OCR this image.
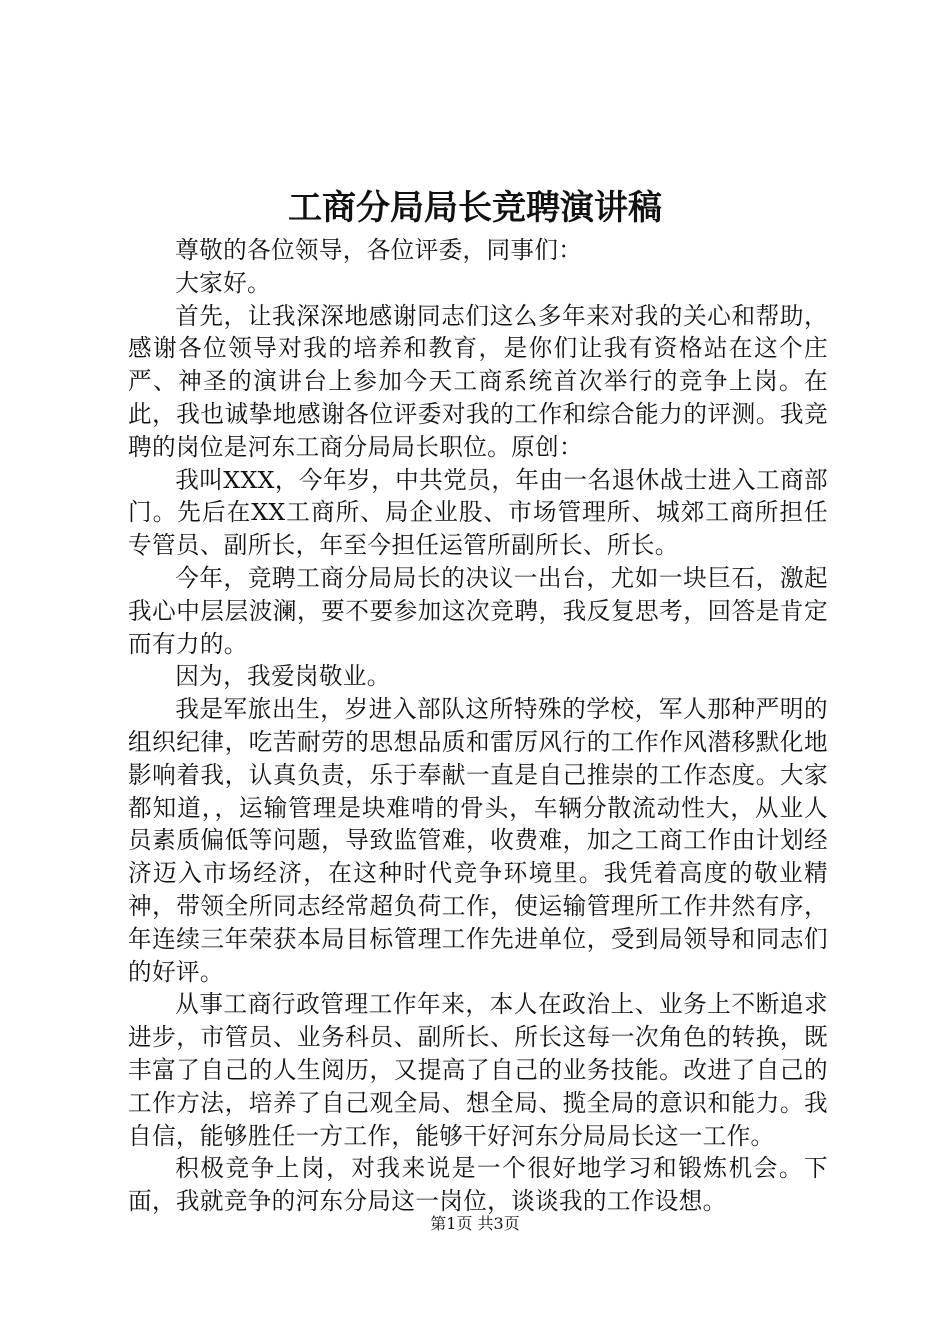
工商分局局长竞聘演讲稿

尊敬的各位领导，各位评委，同事们：

大家好。

首先，让我深深地感谢同志们这么多年来对我的关心和帮助，感谢各位领导对我的培养和教育，是你们让我有资格站在这个庄严、神圣的演讲台上参加今天工商系统首次举行的竞争上岗。在此，我也诚挚地感谢各位评委对我的工作和综合能力的评测。我竞聘的岗位是河东工商分局局长职位。原创：

我叫XXX，今年岁，中共党员，年由一名退休战士进入工商部门。先后在XX工商所、局企业股、市场管理所、城郊工商所担任专管员、副所长，年至今担任运管所副所长、所长。

今年，竞聘工商分局局长的决议一出台，尤如一块巨石，激起我心中层层波澜，要不要参加这次竞聘，我反复思考，回答是肯定而有力的。

因为，我爱岗敬业。

我是军旅出生，岁进入部队这所特殊的学校，军人那种严明的组织纪律，吃苦耐劳的思想品质和雷厉风行的工作作风潜移默化地影响着我，认真负责，乐于奉献一直是自己推崇的工作态度。大家都知道，，运输管理是块难啃的骨头，车辆分散流动性大，从业人员素质偏低等问题，导致监管难，收费难，加之工商工作由计划经济迈入市场经济，在这种时代竞争环境里。我凭着高度的敬业精神，带领全所同志经常超负荷工作，使运输管理所工作井然有序，年连续三年荣获本局目标管理工作先进单位，受到局领导和同志们的好评。

从事工商行政管理工作年来，本人在政治上、业务上不断追求进步，市管员、业务科员、副所长、所长这每一次角色的转换，既丰富了自己的人生阅历，又提高了自己的业务技能。改进了自己的工作方法，培养了自己观全局、想全局、揽全局的意识和能力。我自信，能够胜任一方工作，能够干好河东分局局长这一工作。

积极竞争上岗，对我来说是一个很好地学习和锻炼机会。下面，我就竞争的河东分局这一岗位，谈谈我的工作设想。

第1页 共3页
